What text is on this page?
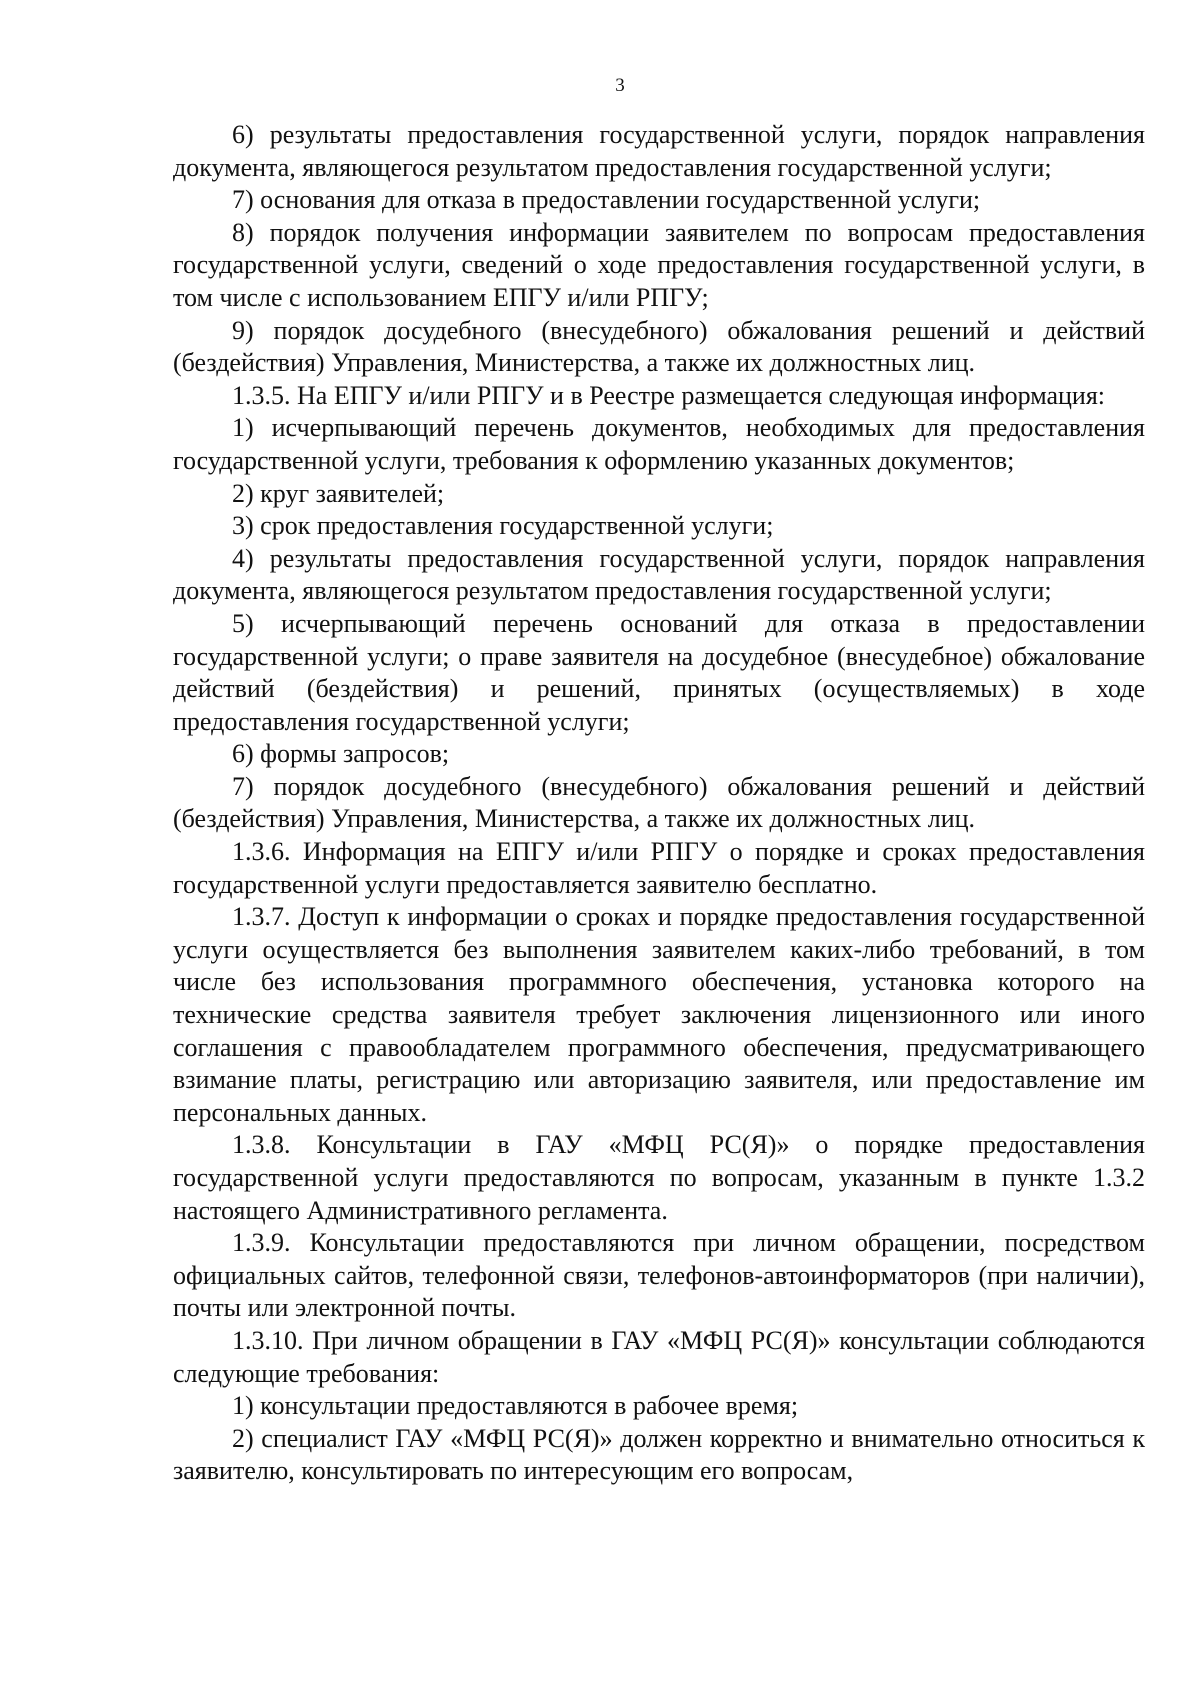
3

6) результаты предоставления государственной услуги, порядок направления документа, являющегося результатом предоставления государственной услуги;

7) основания для отказа в предоставлении государственной услуги;

8) порядок получения информации заявителем по вопросам предоставления государственной услуги, сведений о ходе предоставления государственной услуги, в том числе с использованием ЕПГУ и/или РПГУ;

9) порядок досудебного (внесудебного) обжалования решений и действий (бездействия) Управления, Министерства, а также их должностных лиц.

1.3.5. На ЕПГУ и/или РПГУ и в Реестре размещается следующая информация:

1) исчерпывающий перечень документов, необходимых для предоставления государственной услуги, требования к оформлению указанных документов;

2) круг заявителей;

3) срок предоставления государственной услуги;

4) результаты предоставления государственной услуги, порядок направления документа, являющегося результатом предоставления государственной услуги;

5) исчерпывающий перечень оснований для отказа в предоставлении государственной услуги; о праве заявителя на досудебное (внесудебное) обжалование действий (бездействия) и решений, принятых (осуществляемых) в ходе предоставления государственной услуги;

6) формы запросов;

7) порядок досудебного (внесудебного) обжалования решений и действий (бездействия) Управления, Министерства, а также их должностных лиц.

1.3.6. Информация на ЕПГУ и/или РПГУ о порядке и сроках предоставления государственной услуги предоставляется заявителю бесплатно.

1.3.7. Доступ к информации о сроках и порядке предоставления государственной услуги осуществляется без выполнения заявителем каких-либо требований, в том числе без использования программного обеспечения, установка которого на технические средства заявителя требует заключения лицензионного или иного соглашения с правообладателем программного обеспечения, предусматривающего взимание платы, регистрацию или авторизацию заявителя, или предоставление им персональных данных.

1.3.8. Консультации в ГАУ «МФЦ РС(Я)» о порядке предоставления государственной услуги предоставляются по вопросам, указанным в пункте 1.3.2 настоящего Административного регламента.

1.3.9. Консультации предоставляются при личном обращении, посредством официальных сайтов, телефонной связи, телефонов-автоинформаторов (при наличии), почты или электронной почты.

1.3.10. При личном обращении в ГАУ «МФЦ РС(Я)» консультации соблюдаются следующие требования:

1) консультации предоставляются в рабочее время;

2) специалист ГАУ «МФЦ РС(Я)» должен корректно и внимательно относиться к заявителю, консультировать по интересующим его вопросам,
